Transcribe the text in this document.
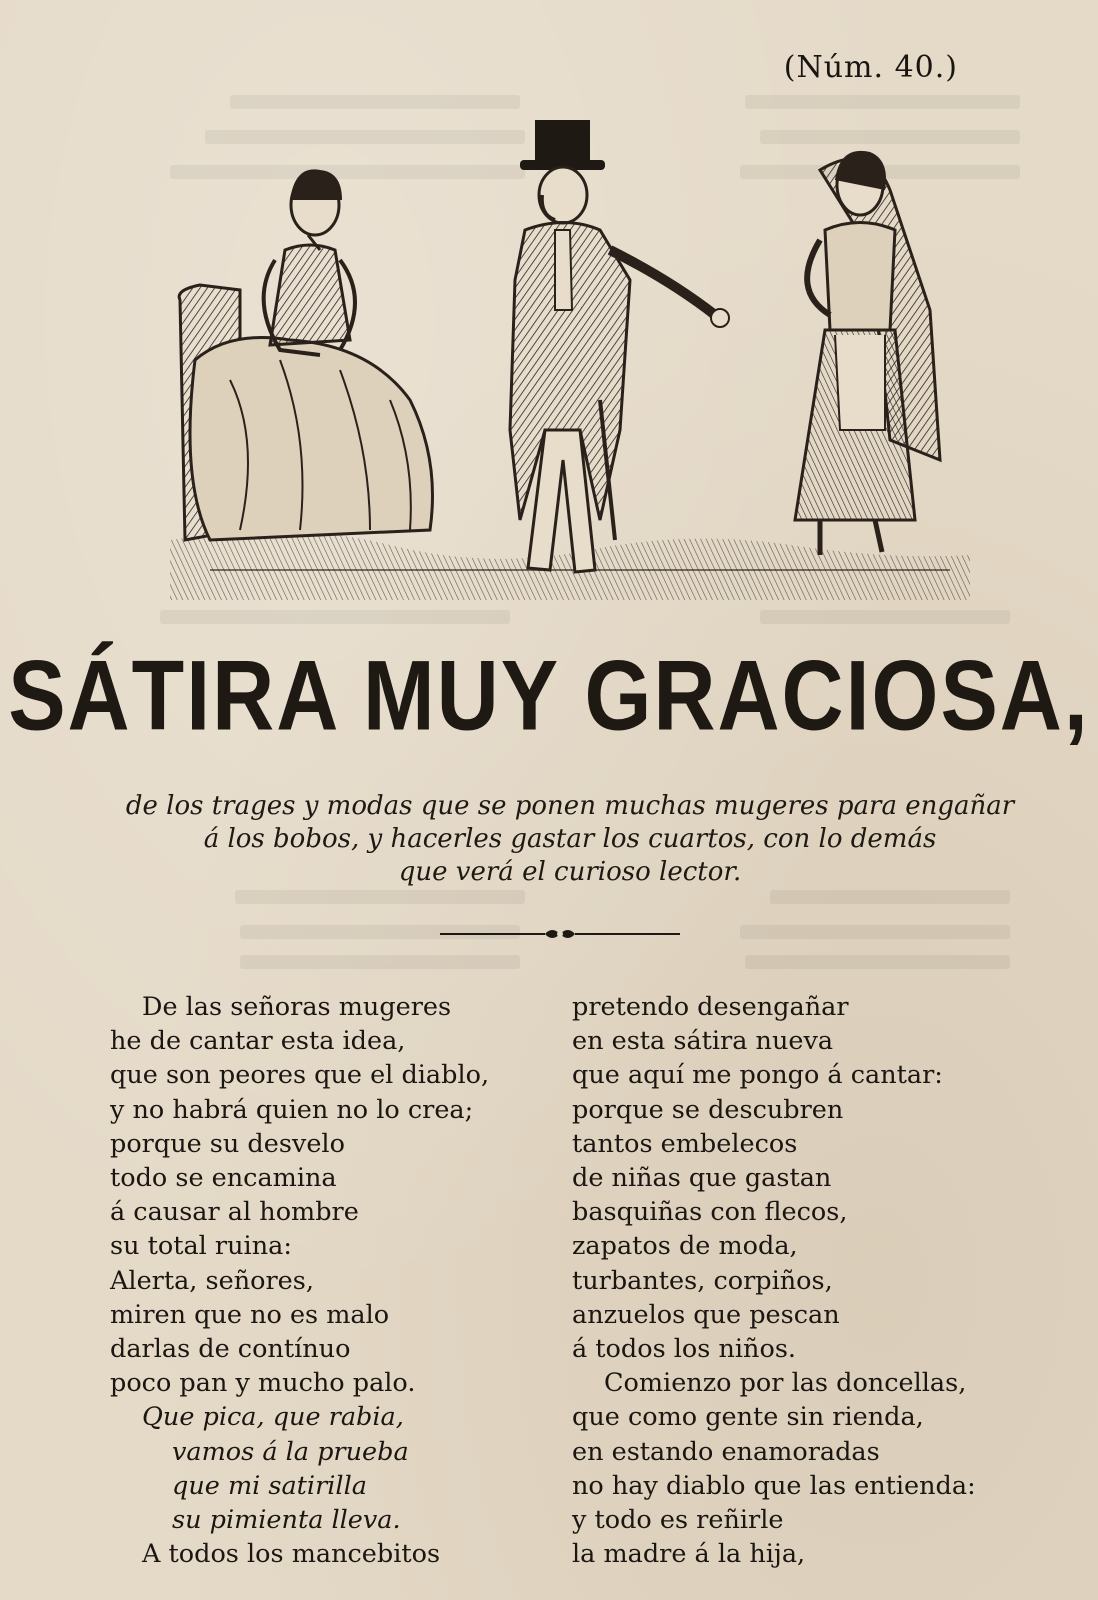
(Núm. 40.)
SÁTIRA MUY GRACIOSA,
de los trages y modas que se ponen muchas mugeres para engañar
á los bobos, y hacerles gastar los cuartos, con lo demás
que verá el curioso lector.
De las señoras mugeres
he de cantar esta idea,
que son peores que el diablo,
y no habrá quien no lo crea;
porque su desvelo
todo se encamina
á causar al hombre
su total ruina:
Alerta, señores,
miren que no es malo
darlas de contínuo
poco pan y mucho palo.
Que pica, que rabia,
vamos á la prueba
que mi satirilla
su pimienta lleva.
A todos los mancebitos
pretendo desengañar
en esta sátira nueva
que aquí me pongo á cantar:
porque se descubren
tantos embelecos
de niñas que gastan
basquiñas con flecos,
zapatos de moda,
turbantes, corpiños,
anzuelos que pescan
á todos los niños.
Comienzo por las doncellas,
que como gente sin rienda,
en estando enamoradas
no hay diablo que las entienda:
y todo es reñirle
la madre á la hija,
